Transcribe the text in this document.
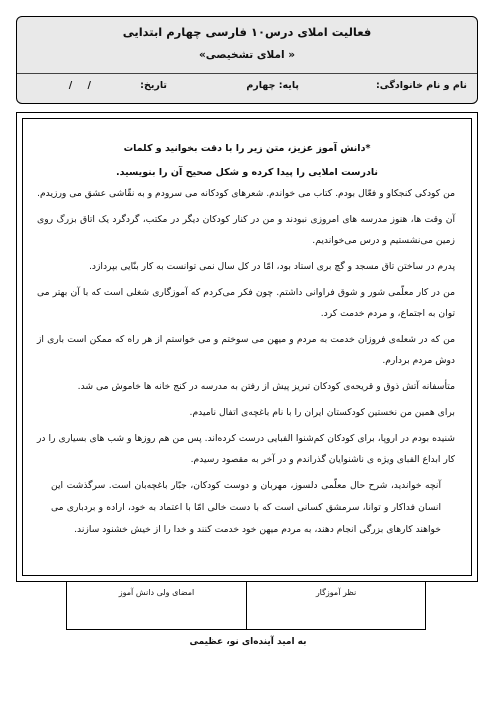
فعالیت املای درس۱۰ فارسی چهارم ابتدایی
« املای تشخیصی»
نام و نام خانوادگی:
پایه: چهارم
تاریخ:
/ /
*دانش آموز عزیز، متن زیر را با دقت بخوانید و کلمات
نادرست املایی را پیدا کرده و شکل صحیح آن را بنویسید.

من کودکی کنجکاو و فعّال بودم. کتاب می خواندم. شعرهای کودکانه می سرودم و به نقّاشی عشق می ورزیدم.

آن وقت ها، هنوز مدرسه های امروزی نبودند و من در کنار کودکان دیگر در مکتب، گردگرد یک اتاق بزرگ روی زمین می‌نشستیم و درس می‌خواندیم.

پدرم در ساختن تاق مسجد و گچ بری استاد بود، امّا در کل سال نمی توانست به کار بنّایی بپردازد.

من در کار معلّمی شور و شوق فراوانی داشتم. چون فکر می‌کردم که آموزگاری شغلی است که با آن بهتر می توان به اجتماع، و مردم خدمت کرد.

من که در شعله‌ی فروزان خدمت به مردم و میهن می سوختم و می خواستم از هر راه که ممکن است باری از دوش مردم بردارم.

متأسفانه آتش ذوق و قریحه‌ی کودکان تبریز پیش از رفتن به مدرسه در کنج خانه ها خاموش می شد.

برای همین من نخستین کودکستان ایران را با نام باغچه‌ی اتفال نامیدم.

شنیده بودم در اروپا، برای کودکان کم‌شنوا الفبایی درست کرده‌اند. پس من هم روزها و شب های بسیاری را در کار ابداع الفبای ویژه ی ناشنوایان گذراندم و در آخر به مقصود رسیدم.

آنچه خواندید، شرح حال معلّمی دلسوز، مهربان و دوست کودکان، جبّار باغچه‌بان است. سرگذشت این انسان فداکار و توانا، سرمشق کسانی است که با دست خالی امّا با اعتماد به خود، اراده و بردباری می خواهند کارهای بزرگی انجام دهند، به مردم میهن خود خدمت کنند و خدا را از خیش خشنود سازند.

نظر آموزگار
امضای ولی دانش آموز
به امید آینده‌ای نو، عظیمی
